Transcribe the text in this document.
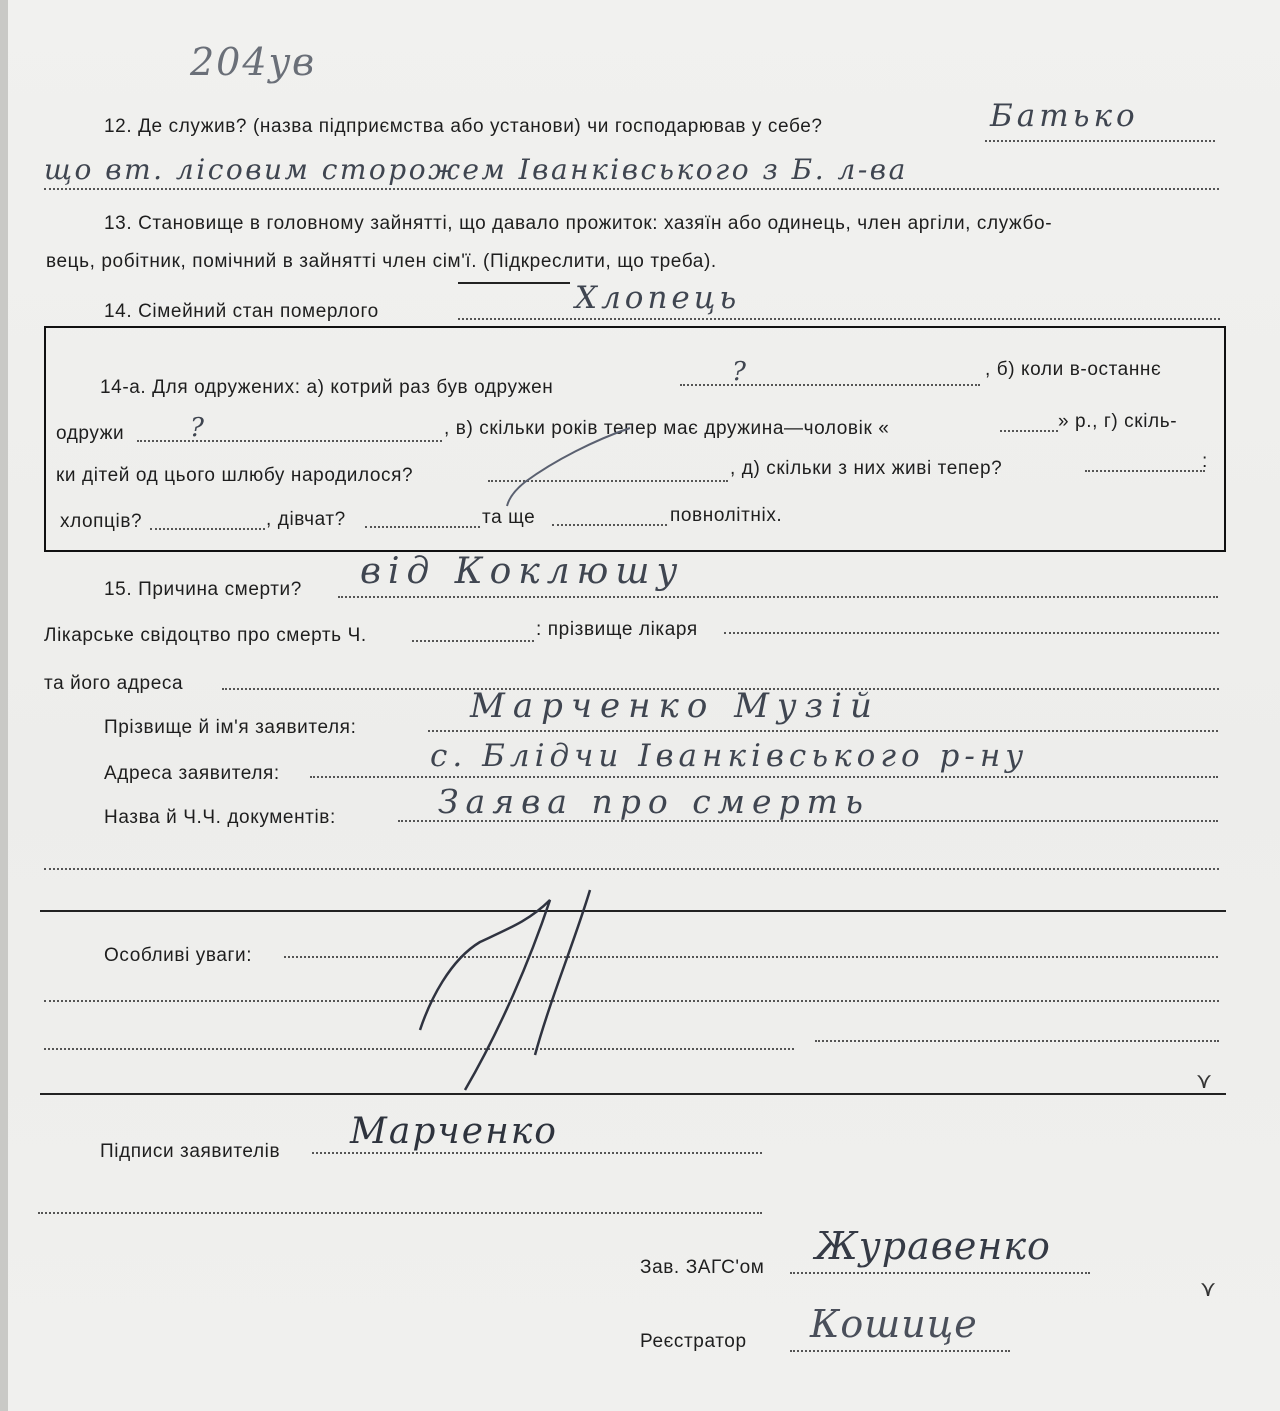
204yв
12. Де служив? (назва підприємства або установи) чи господарював у себе?	Батько
що вт. лісовим сторожем Іванківського з Б. л-ва
13. Становище в головному зайнятті, що давало прожиток: хазяїн або одинець, член аргіли, службо-
вець, робітник, помічний в зайнятті член сім'ї. (Підкреслити, що треба).
14. Сімейний стан померлого	Хлопець
14-а. Для одружених: а) котрий раз був одружен
?	, б) коли в-останнє
одружи	?	, в) скільки років тепер має дружина—чоловік «	» р., г) скіль-
ки дітей од цього шлюбу народилося?	, д) скільки з них живі тепер?	:
хлопців?	, дівчат?	та ще	повнолітніх.
15. Причина смерти? від Коклюшу
Лікарське свідоцтво про смерть Ч.	: прізвище лікаря
та його адреса
Прізвище й ім'я заявителя:
Марченко Музій
Адреса заявителя:	с. Блідчи Іванківського р-ну
Назва й Ч.Ч. документів:	Заява про смерть
Особливі уваги:
⋎
Підписи заявителів Марченко
Зав. ЗАГС'ом Журавенко
⋎
Реєстратор Кошице
